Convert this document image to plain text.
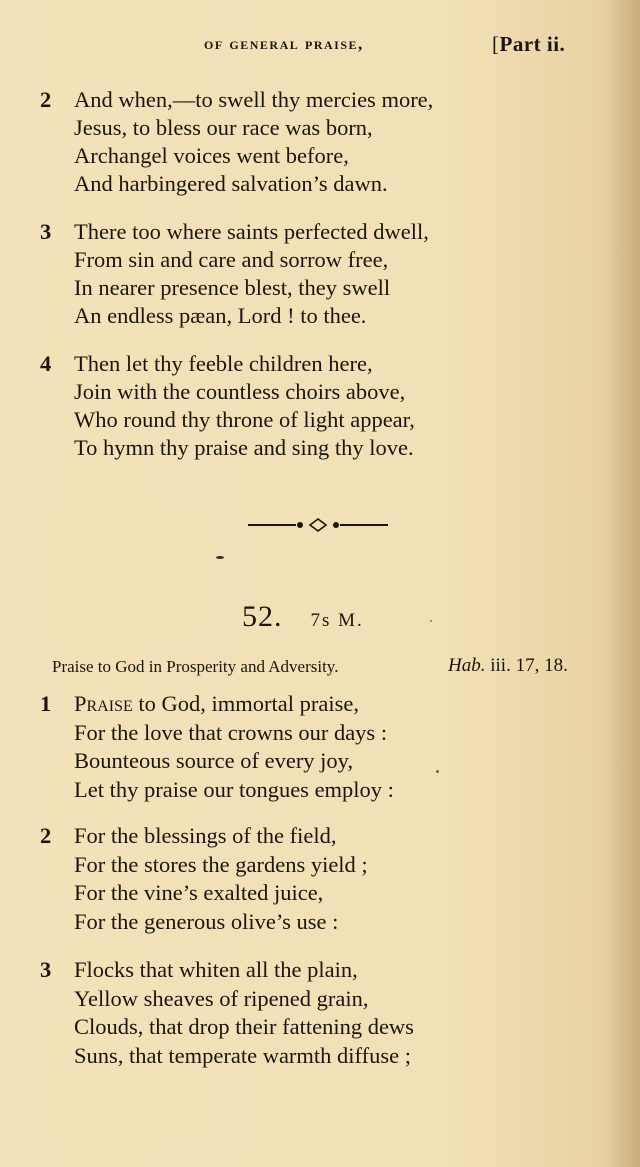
of general praise,	[Part ii.
2 And when,—to swell thy mercies more,
Jesus, to bless our race was born,
Archangel voices went before,
And harbingered salvation’s dawn.
3 There too where saints perfected dwell,
From sin and care and sorrow free,
In nearer presence blest, they swell
An endless pæan, Lord ! to thee.
4 Then let thy feeble children here,
Join with the countless choirs above,
Who round thy throne of light appear,
To hymn thy praise and sing thy love.
52. 7s M.
Praise to God in Prosperity and Adversity.	Hab. iii. 17, 18.
1 Praise to God, immortal praise,
For the love that crowns our days :
Bounteous source of every joy,
Let thy praise our tongues employ :
2 For the blessings of the field,
For the stores the gardens yield ;
For the vine’s exalted juice,
For the generous olive’s use :
3 Flocks that whiten all the plain,
Yellow sheaves of ripened grain,
Clouds, that drop their fattening dews
Suns, that temperate warmth diffuse ;
